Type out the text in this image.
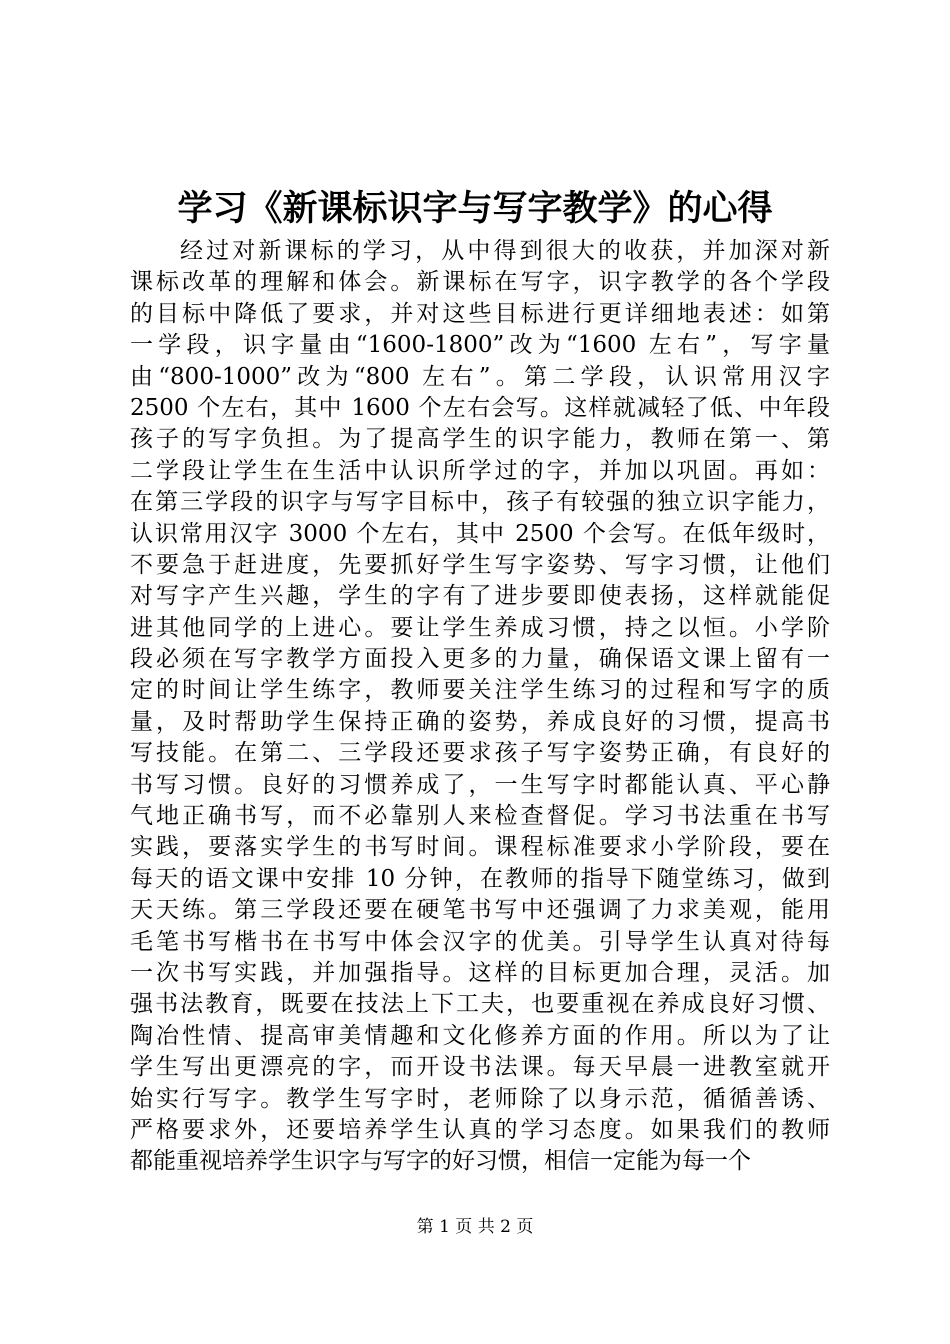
学习《新课标识字与写字教学》的心得
经过对新课标的学习，从中得到很大的收获，并加深对新
课标改革的理解和体会。新课标在写字，识字教学的各个学段
的目标中降低了要求，并对这些目标进行更详细地表述：如第
一学段，识字量由“1600-1800”改为“1600 左右”，写字量
由“800-1000”改为“800 左右”。第二学段，认识常用汉字
2500 个左右，其中 1600 个左右会写。这样就减轻了低、中年段
孩子的写字负担。为了提高学生的识字能力，教师在第一、第
二学段让学生在生活中认识所学过的字，并加以巩固。再如：
在第三学段的识字与写字目标中，孩子有较强的独立识字能力，
认识常用汉字 3000 个左右，其中 2500 个会写。在低年级时，
不要急于赶进度，先要抓好学生写字姿势、写字习惯，让他们
对写字产生兴趣，学生的字有了进步要即使表扬，这样就能促
进其他同学的上进心。要让学生养成习惯，持之以恒。小学阶
段必须在写字教学方面投入更多的力量，确保语文课上留有一
定的时间让学生练字，教师要关注学生练习的过程和写字的质
量，及时帮助学生保持正确的姿势，养成良好的习惯，提高书
写技能。在第二、三学段还要求孩子写字姿势正确，有良好的
书写习惯。良好的习惯养成了，一生写字时都能认真、平心静
气地正确书写，而不必靠别人来检查督促。学习书法重在书写
实践，要落实学生的书写时间。课程标准要求小学阶段，要在
每天的语文课中安排 10 分钟，在教师的指导下随堂练习，做到
天天练。第三学段还要在硬笔书写中还强调了力求美观，能用
毛笔书写楷书在书写中体会汉字的优美。引导学生认真对待每
一次书写实践，并加强指导。这样的目标更加合理，灵活。加
强书法教育，既要在技法上下工夫，也要重视在养成良好习惯、
陶冶性情、提高审美情趣和文化修养方面的作用。所以为了让
学生写出更漂亮的字，而开设书法课。每天早晨一进教室就开
始实行写字。教学生写字时，老师除了以身示范，循循善诱、
严格要求外，还要培养学生认真的学习态度。如果我们的教师
都能重视培养学生识字与写字的好习惯，相信一定能为每一个
第 1 页 共 2 页
